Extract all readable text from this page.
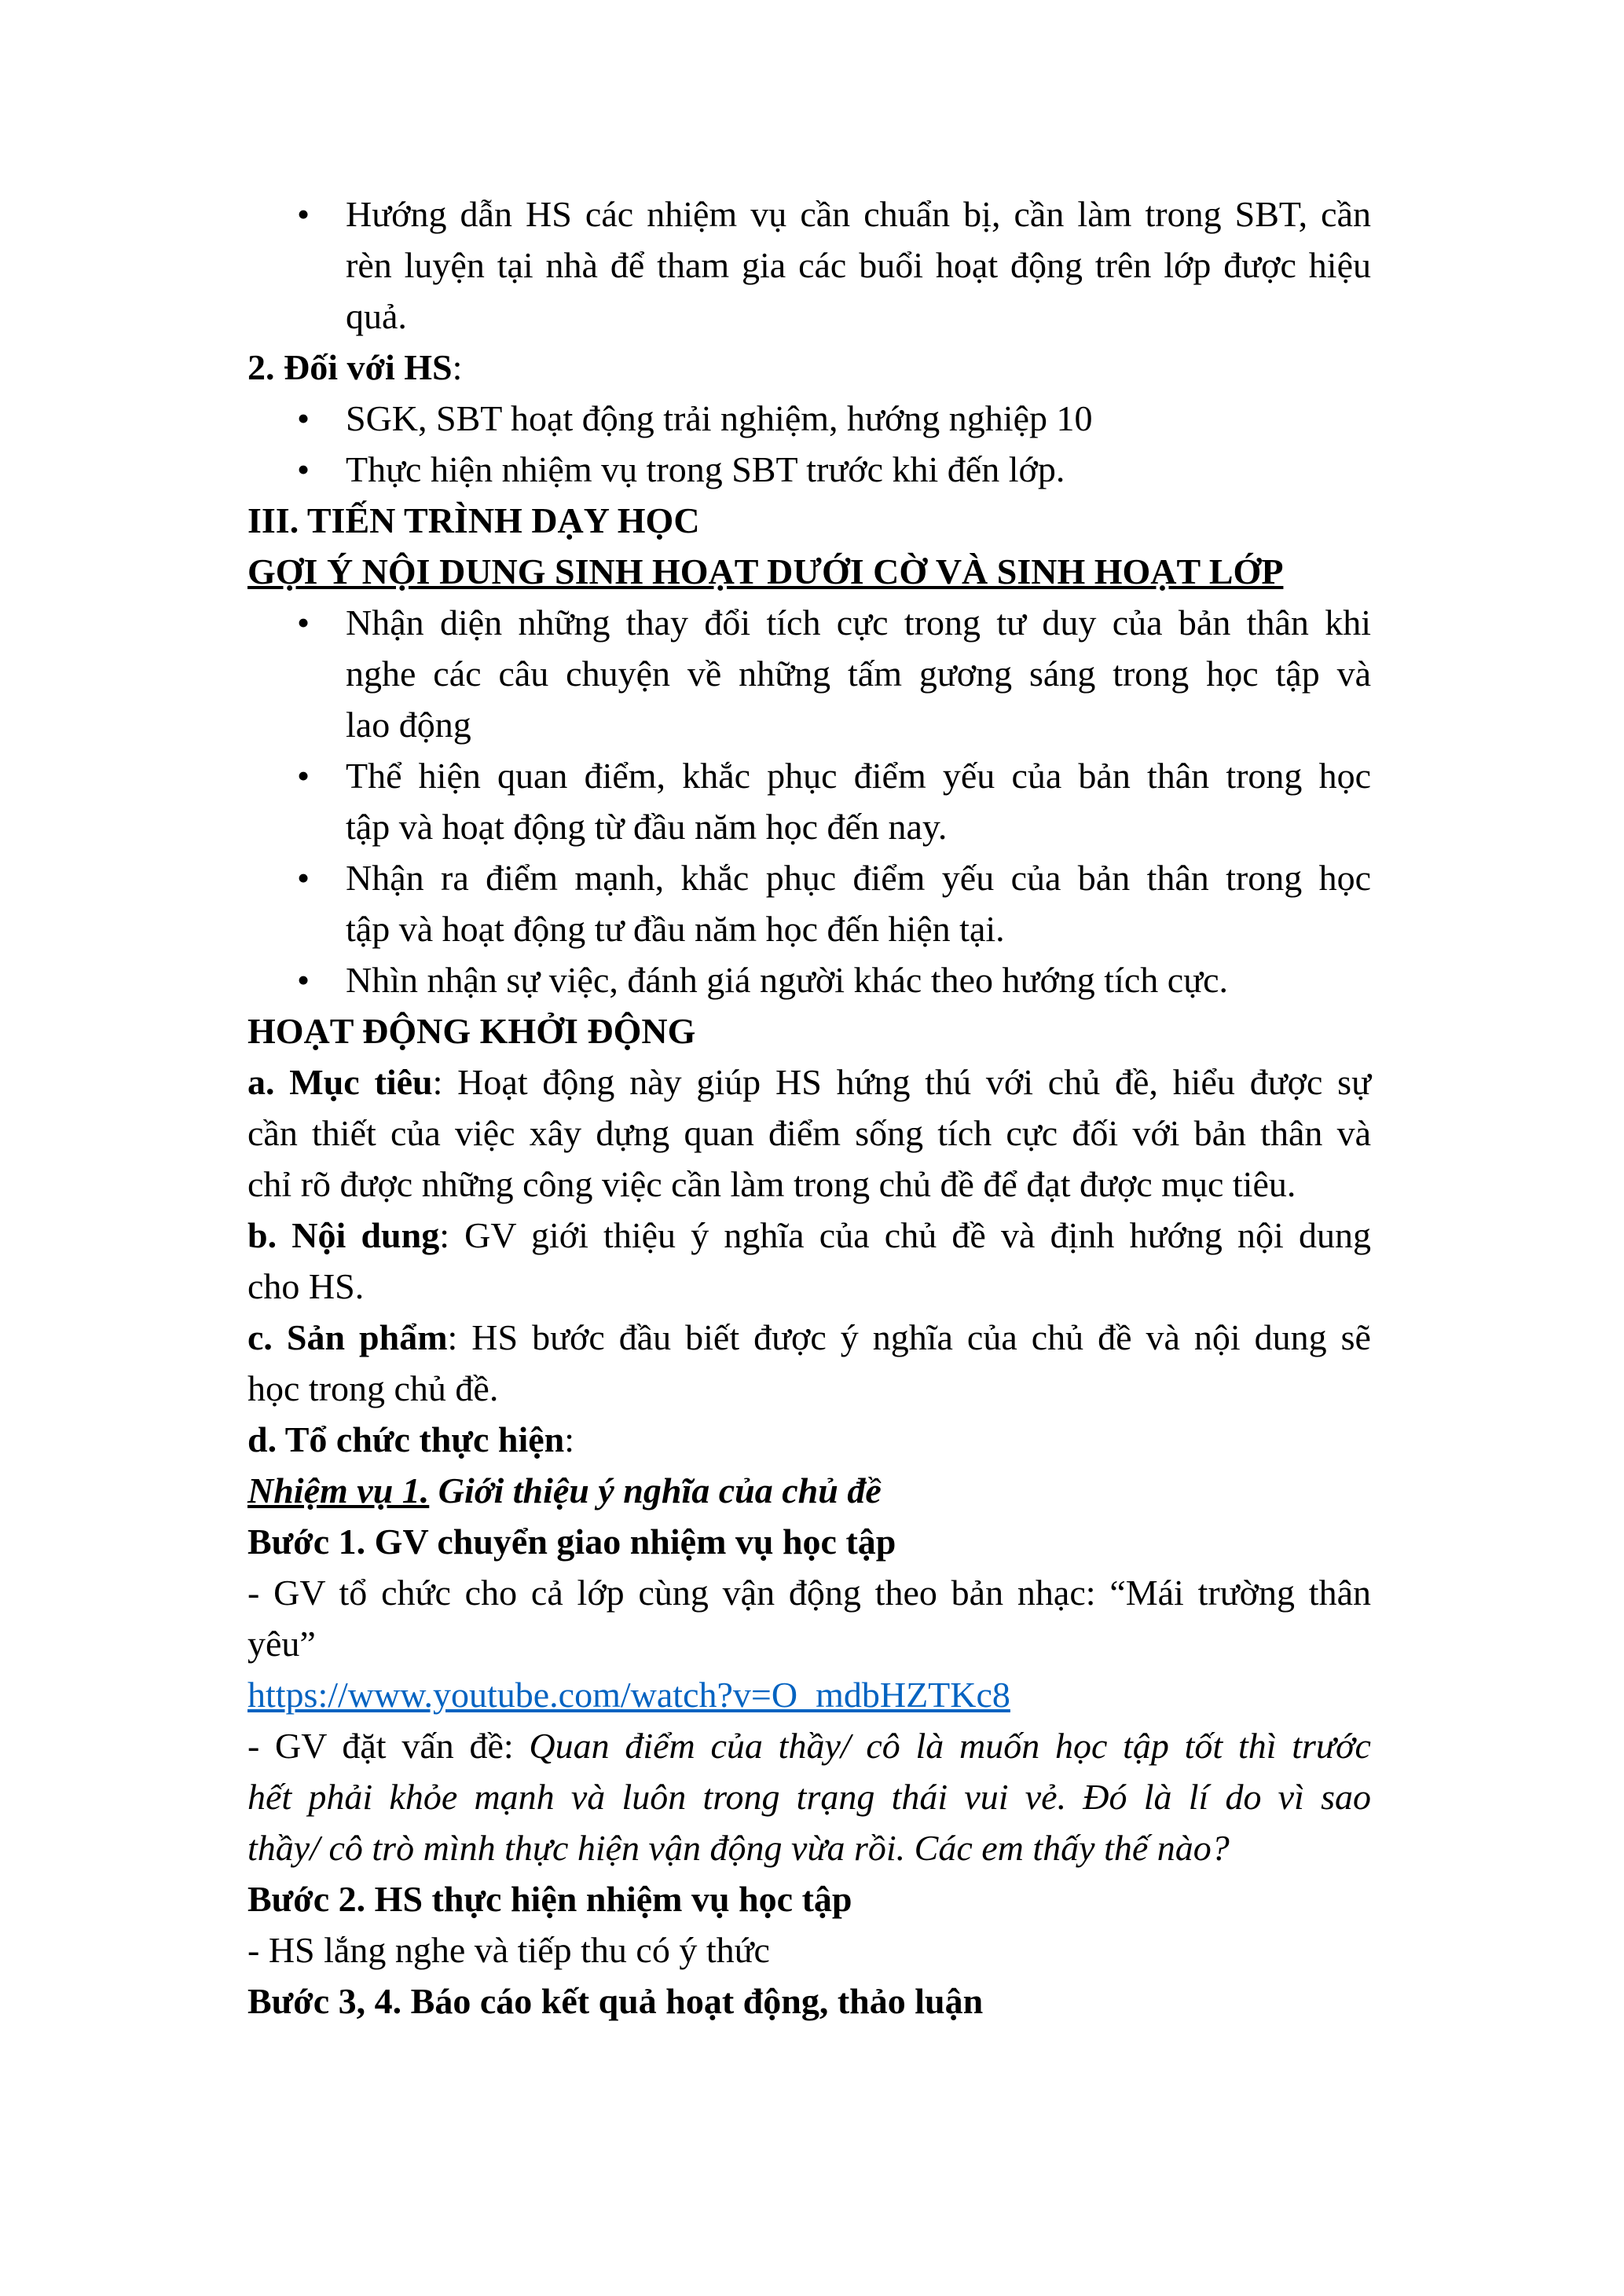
• Hướng dẫn HS các nhiệm vụ cần chuẩn bị, cần làm trong SBT, cần
rèn luyện tại nhà để tham gia các buổi hoạt động trên lớp được hiệu
quả.
2. Đối với HS:
• SGK, SBT hoạt động trải nghiệm, hướng nghiệp 10
• Thực hiện nhiệm vụ trong SBT trước khi đến lớp.
III. TIẾN TRÌNH DẠY HỌC
GỢI Ý NỘI DUNG SINH HOẠT DƯỚI CỜ VÀ SINH HOẠT LỚP
• Nhận diện những thay đổi tích cực trong tư duy của bản thân khi
nghe các câu chuyện về những tấm gương sáng trong học tập và
lao động
• Thể hiện quan điểm, khắc phục điểm yếu của bản thân trong học
tập và hoạt động từ đầu năm học đến nay.
• Nhận ra điểm mạnh, khắc phục điểm yếu của bản thân trong học
tập và hoạt động tư đầu năm học đến hiện tại.
• Nhìn nhận sự việc, đánh giá người khác theo hướng tích cực.
HOẠT ĐỘNG KHỞI ĐỘNG
a. Mục tiêu: Hoạt động này giúp HS hứng thú với chủ đề, hiểu được sự
cần thiết của việc xây dựng quan điểm sống tích cực đối với bản thân và
chỉ rõ được những công việc cần làm trong chủ đề để đạt được mục tiêu.
b. Nội dung: GV giới thiệu ý nghĩa của chủ đề và định hướng nội dung
cho HS.
c. Sản phẩm: HS bước đầu biết được ý nghĩa của chủ đề và nội dung sẽ
học trong chủ đề.
d. Tổ chức thực hiện:
Nhiệm vụ 1. Giới thiệu ý nghĩa của chủ đề
Bước 1. GV chuyển giao nhiệm vụ học tập
- GV tổ chức cho cả lớp cùng vận động theo bản nhạc: “Mái trường thân
yêu”
https://www.youtube.com/watch?v=O_mdbHZTKc8
- GV đặt vấn đề: Quan điểm của thầy/ cô là muốn học tập tốt thì trước
hết phải khỏe mạnh và luôn trong trạng thái vui vẻ. Đó là lí do vì sao
thầy/ cô trò mình thực hiện vận động vừa rồi. Các em thấy thế nào?
Bước 2. HS thực hiện nhiệm vụ học tập
- HS lắng nghe và tiếp thu có ý thức
Bước 3, 4. Báo cáo kết quả hoạt động, thảo luận
